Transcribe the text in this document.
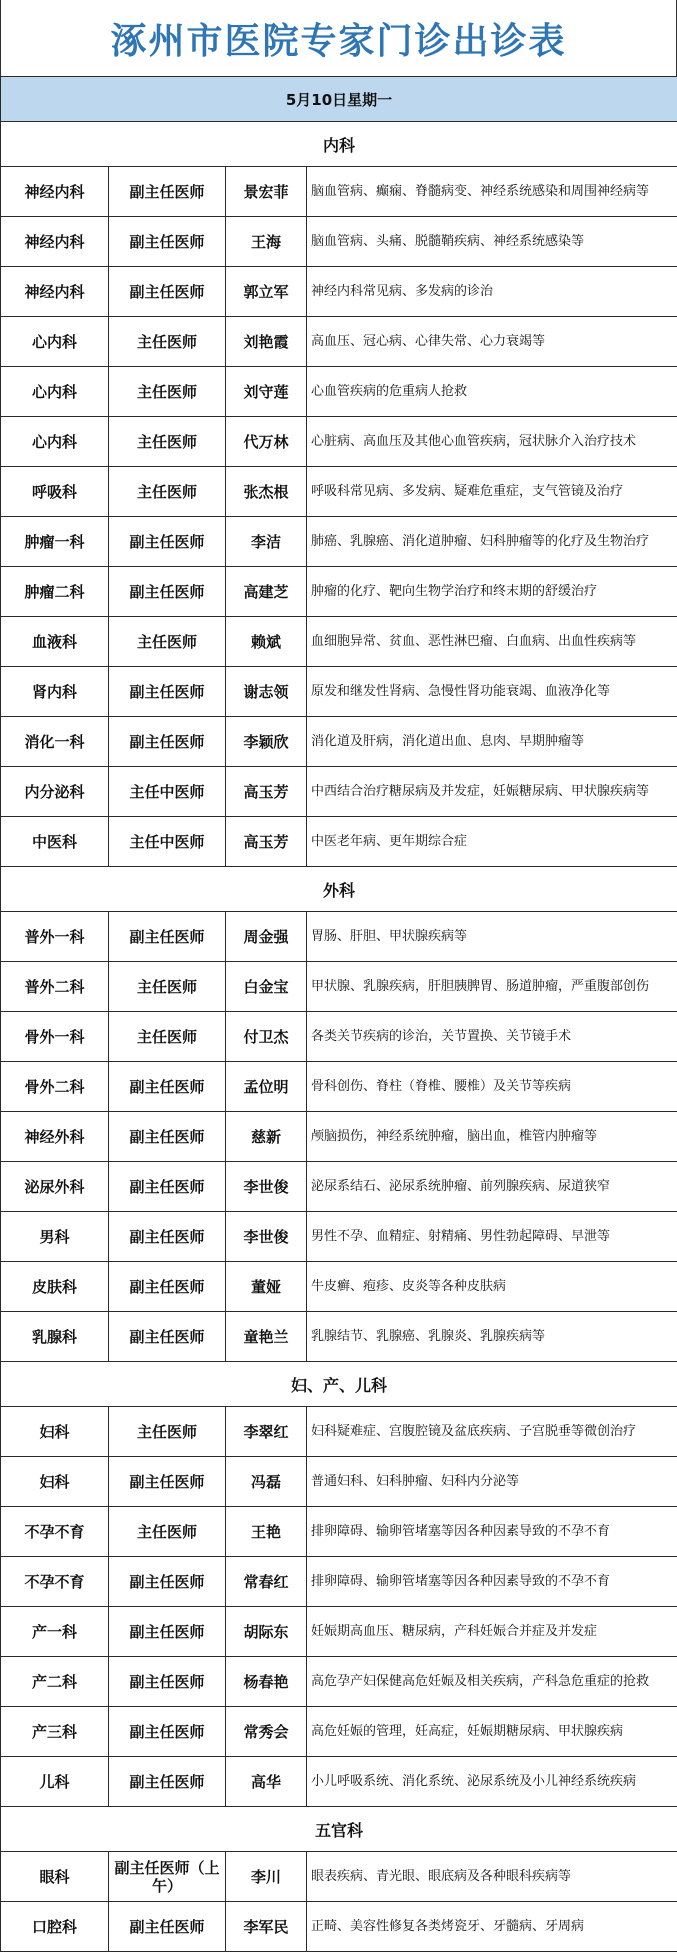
涿州市医院专家门诊出诊表
5月10日星期一			
内科			
神经内科	副主任医师	景宏菲	脑血管病、癫痫、脊髓病变、神经系统感染和周围神经病等
神经内科	副主任医师	王海	脑血管病、头痛、脱髓鞘疾病、神经系统感染等
神经内科	副主任医师	郭立军	神经内科常见病、多发病的诊治
心内科	主任医师	刘艳霞	高血压、冠心病、心律失常、心力衰竭等
心内科	主任医师	刘守莲	心血管疾病的危重病人抢救
心内科	主任医师	代万林	心脏病、高血压及其他心血管疾病，冠状脉介入治疗技术
呼吸科	主任医师	张杰根	呼吸科常见病、多发病、疑难危重症，支气管镜及治疗
肿瘤一科	副主任医师	李洁	肺癌、乳腺癌、消化道肿瘤、妇科肿瘤等的化疗及生物治疗
肿瘤二科	副主任医师	高建芝	肿瘤的化疗、靶向生物学治疗和终末期的舒缓治疗
血液科	主任医师	赖斌	血细胞异常、贫血、恶性淋巴瘤、白血病、出血性疾病等
肾内科	副主任医师	谢志领	原发和继发性肾病、急慢性肾功能衰竭、血液净化等
消化一科	副主任医师	李颖欣	消化道及肝病，消化道出血、息肉、早期肿瘤等
内分泌科	主任中医师	高玉芳	中西结合治疗糖尿病及并发症，妊娠糖尿病、甲状腺疾病等
中医科	主任中医师	高玉芳	中医老年病、更年期综合症
外科			
普外一科	副主任医师	周金强	胃肠、肝胆、甲状腺疾病等
普外二科	主任医师	白金宝	甲状腺、乳腺疾病，肝胆胰脾胃、肠道肿瘤，严重腹部创伤
骨外一科	主任医师	付卫杰	各类关节疾病的诊治，关节置换、关节镜手术
骨外二科	副主任医师	孟位明	骨科创伤、脊柱（脊椎、腰椎）及关节等疾病
神经外科	副主任医师	慈新	颅脑损伤，神经系统肿瘤，脑出血，椎管内肿瘤等
泌尿外科	副主任医师	李世俊	泌尿系结石、泌尿系统肿瘤、前列腺疾病、尿道狭窄
男科	副主任医师	李世俊	男性不孕、血精症、射精痛、男性勃起障碍、早泄等
皮肤科	副主任医师	董娅	牛皮癣、疱疹、皮炎等各种皮肤病
乳腺科	副主任医师	童艳兰	乳腺结节、乳腺癌、乳腺炎、乳腺疾病等
妇、产、儿科			
妇科	主任医师	李翠红	妇科疑难症、宫腹腔镜及盆底疾病、子宫脱垂等微创治疗
妇科	副主任医师	冯磊	普通妇科、妇科肿瘤、妇科内分泌等
不孕不育	主任医师	王艳	排卵障碍、输卵管堵塞等因各种因素导致的不孕不育
不孕不育	副主任医师	常春红	排卵障碍、输卵管堵塞等因各种因素导致的不孕不育
产一科	副主任医师	胡际东	妊娠期高血压、糖尿病，产科妊娠合并症及并发症
产二科	副主任医师	杨春艳	高危孕产妇保健高危妊娠及相关疾病，产科急危重症的抢救
产三科	副主任医师	常秀会	高危妊娠的管理，妊高症，妊娠期糖尿病、甲状腺疾病
儿科	副主任医师	高华	小儿呼吸系统、消化系统、泌尿系统及小儿神经系统疾病
五官科			
眼科	副主任医师（上午）	李川	眼表疾病、青光眼、眼底病及各种眼科疾病等
口腔科	副主任医师	李军民	正畸、美容性修复各类烤瓷牙、牙髓病、牙周病
